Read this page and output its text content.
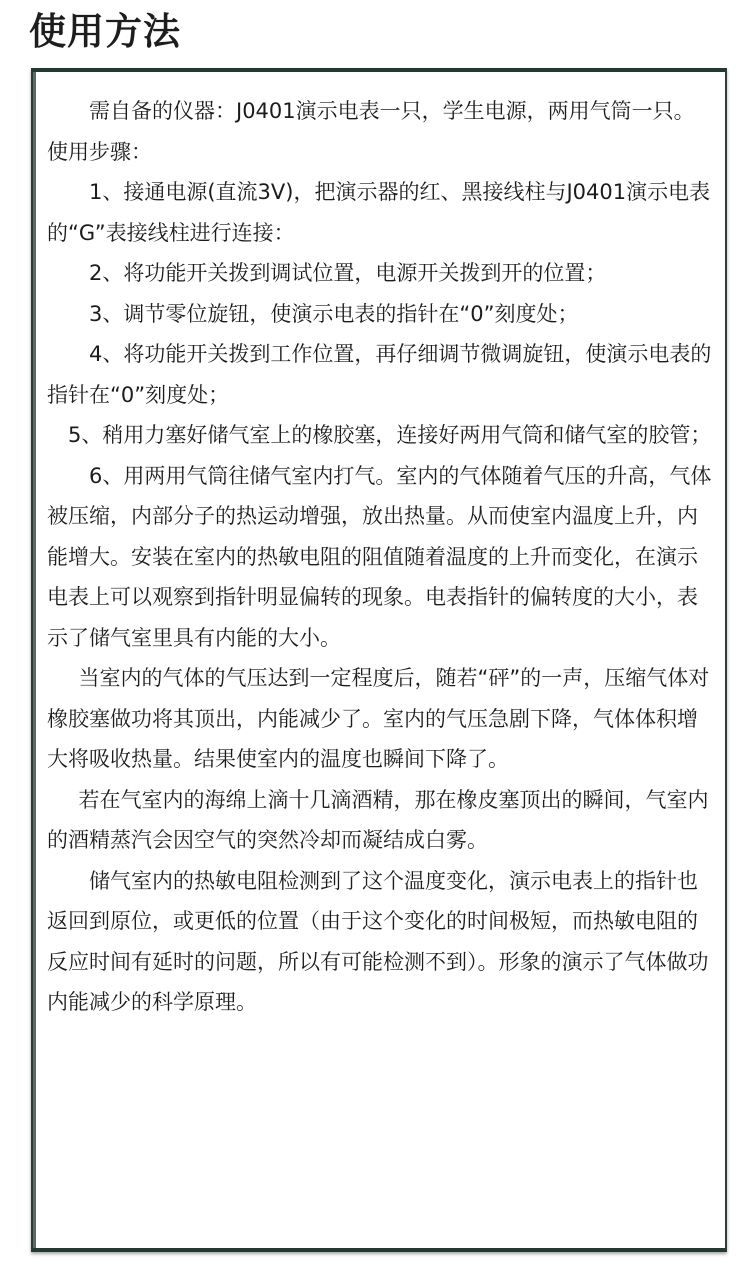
使用方法

需自备的仪器：J0401演示电表一只，学生电源，两用气筒一只。

使用步骤：

1、接通电源(直流3V)，把演示器的红、黑接线柱与J0401演示电表的“G”表接线柱进行连接：

2、将功能开关拨到调试位置，电源开关拨到开的位置；

3、调节零位旋钮，使演示电表的指针在“0”刻度处；

4、将功能开关拨到工作位置，再仔细调节微调旋钮，使演示电表的指针在“0”刻度处；

5、稍用力塞好储气室上的橡胶塞，连接好两用气筒和储气室的胶管；

6、用两用气筒往储气室内打气。室内的气体随着气压的升高，气体被压缩，内部分子的热运动增强，放出热量。从而使室内温度上升，内能增大。安装在室内的热敏电阻的阻值随着温度的上升而变化，在演示电表上可以观察到指针明显偏转的现象。电表指针的偏转度的大小，表示了储气室里具有内能的大小。

当室内的气体的气压达到一定程度后，随若“砰”的一声，压缩气体对橡胶塞做功将其顶出，内能减少了。室内的气压急剧下降，气体体积增大将吸收热量。结果使室内的温度也瞬间下降了。

若在气室内的海绵上滴十几滴酒精，那在橡皮塞顶出的瞬间，气室内的酒精蒸汽会因空气的突然冷却而凝结成白雾。

储气室内的热敏电阻检测到了这个温度变化，演示电表上的指针也返回到原位，或更低的位置（由于这个变化的时间极短，而热敏电阻的反应时间有延时的问题，所以有可能检测不到）。形象的演示了气体做功内能减少的科学原理。
